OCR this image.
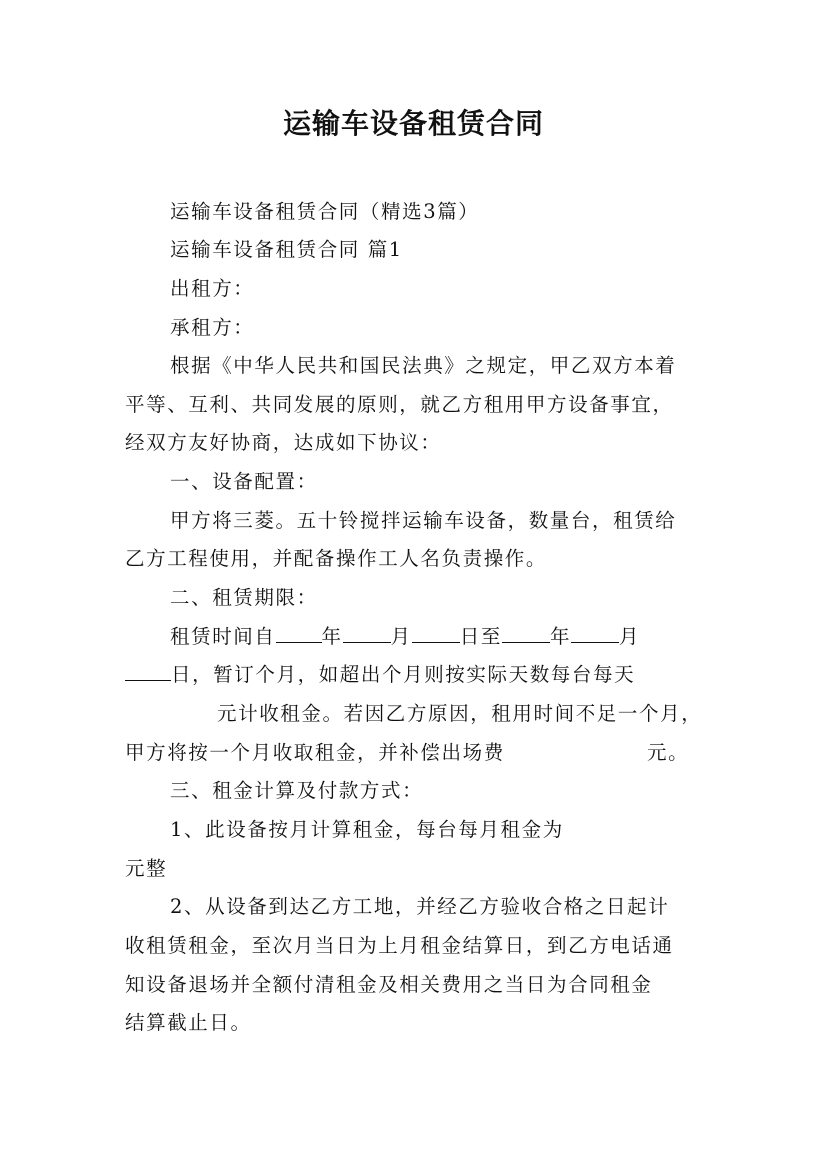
运输车设备租赁合同
运输车设备租赁合同（精选3篇）
运输车设备租赁合同 篇1
出租方：
承租方：
根据《中华人民共和国民法典》之规定，甲乙双方本着
平等、互利、共同发展的原则，就乙方租用甲方设备事宜，
经双方友好协商，达成如下协议：
一、设备配置：
甲方将三菱。五十铃搅拌运输车设备，数量台，租赁给
乙方工程使用，并配备操作工人名负责操作。
二、租赁期限：
租赁时间自 年 月 日至 年 月
日，暂订个月，如超出个月则按实际天数每台每天
元计收租金。若因乙方原因，租用时间不足一个月，
甲方将按一个月收取租金，并补偿出场费	元。
三、租金计算及付款方式：
1、此设备按月计算租金，每台每月租金为
元整
2、从设备到达乙方工地，并经乙方验收合格之日起计
收租赁租金，至次月当日为上月租金结算日，到乙方电话通
知设备退场并全额付清租金及相关费用之当日为合同租金
结算截止日。
